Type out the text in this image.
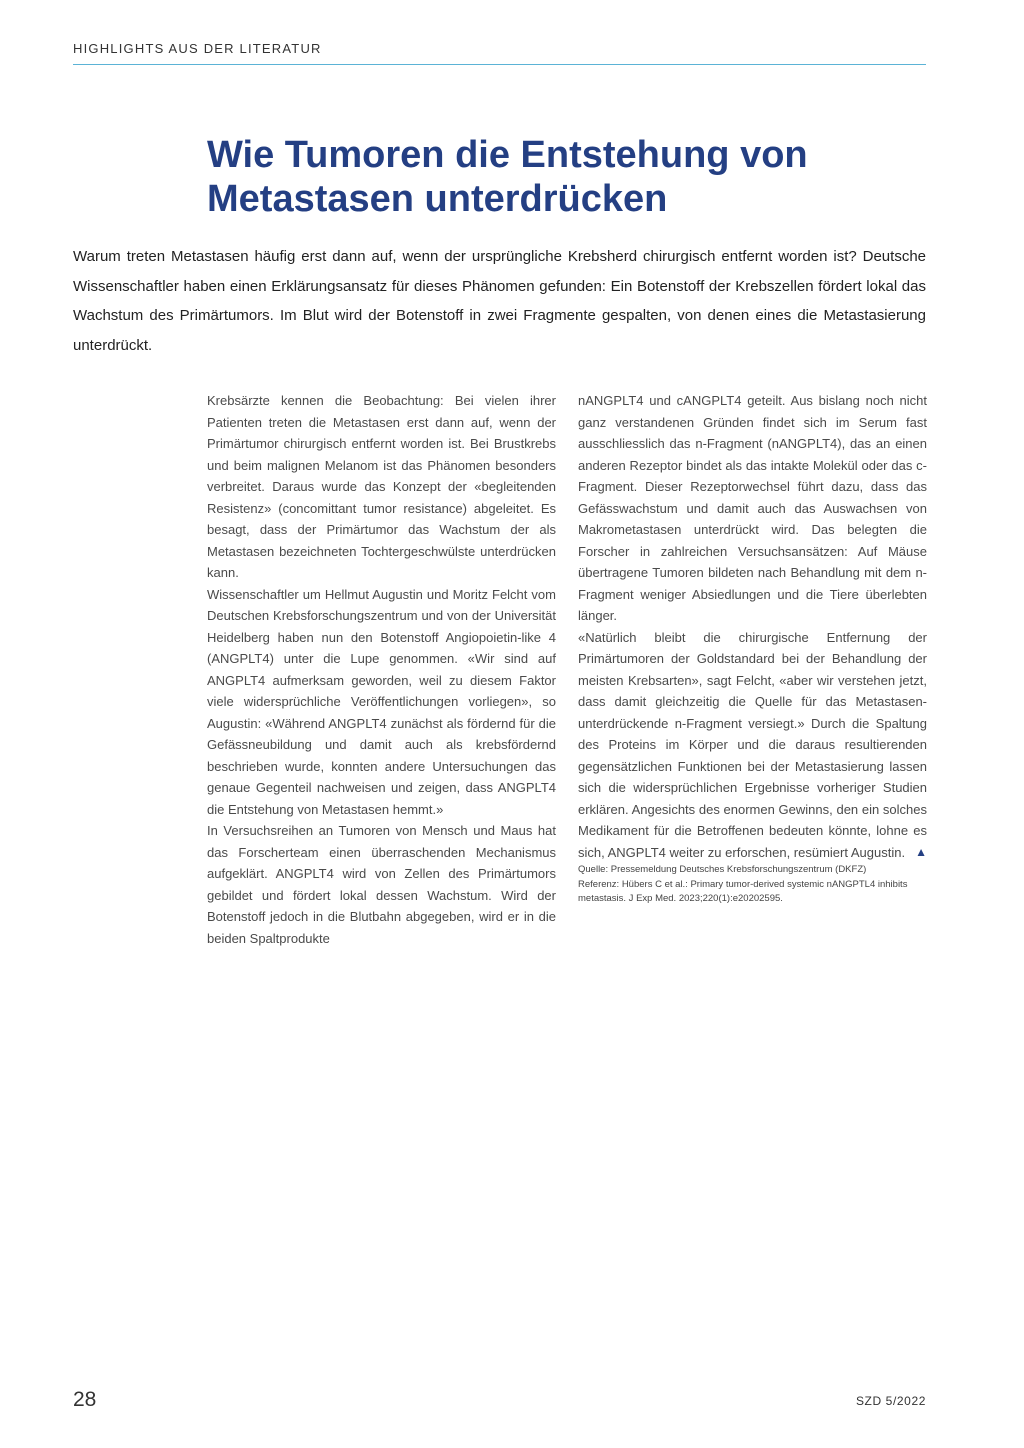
HIGHLIGHTS AUS DER LITERATUR
Wie Tumoren die Entstehung von Metastasen unterdrücken

Warum treten Metastasen häufig erst dann auf, wenn der ursprüngliche Krebsherd chirurgisch entfernt worden ist? Deutsche Wissenschaftler haben einen Erklärungsansatz für dieses Phänomen gefunden: Ein Botenstoff der Krebszellen fördert lokal das Wachstum des Primärtumors. Im Blut wird der Botenstoff in zwei Fragmente gespalten, von denen eines die Metastasierung unterdrückt.

Krebsärzte kennen die Beobachtung: Bei vielen ihrer Patienten treten die Metastasen erst dann auf, wenn der Primärtumor chirurgisch entfernt worden ist. Bei Brustkrebs und beim malignen Melanom ist das Phänomen besonders verbreitet. Daraus wurde das Konzept der «begleitenden Resistenz» (concomittant tumor resistance) abgeleitet. Es besagt, dass der Primärtumor das Wachstum der als Metastasen bezeichneten Tochtergeschwülste unterdrücken kann.

Wissenschaftler um Hellmut Augustin und Moritz Felcht vom Deutschen Krebsforschungszentrum und von der Universität Heidelberg haben nun den Botenstoff Angiopoietin-like 4 (ANGPLT4) unter die Lupe genommen. «Wir sind auf ANGPLT4 aufmerksam geworden, weil zu diesem Faktor viele widersprüchliche Veröffentlichungen vorliegen», so Augustin: «Während ANGPLT4 zunächst als fördernd für die Gefässneubildung und damit auch als krebsfördernd beschrieben wurde, konnten andere Untersuchungen das genaue Gegenteil nachweisen und zeigen, dass ANGPLT4 die Entstehung von Metastasen hemmt.»

In Versuchsreihen an Tumoren von Mensch und Maus hat das Forscherteam einen überraschenden Mechanismus aufgeklärt. ANGPLT4 wird von Zellen des Primärtumors gebildet und fördert lokal dessen Wachstum. Wird der Botenstoff jedoch in die Blutbahn abgegeben, wird er in die beiden Spaltprodukte

nANGPLT4 und cANGPLT4 geteilt. Aus bislang noch nicht ganz verstandenen Gründen findet sich im Serum fast ausschliesslich das n-Fragment (nANGPLT4), das an einen anderen Rezeptor bindet als das intakte Molekül oder das c-Fragment. Dieser Rezeptorwechsel führt dazu, dass das Gefässwachstum und damit auch das Auswachsen von Makrometastasen unterdrückt wird. Das belegten die Forscher in zahlreichen Versuchsansätzen: Auf Mäuse übertragene Tumoren bildeten nach Behandlung mit dem n-Fragment weniger Absiedlungen und die Tiere überlebten länger.

«Natürlich bleibt die chirurgische Entfernung der Primärtumoren der Goldstandard bei der Behandlung der meisten Krebsarten», sagt Felcht, «aber wir verstehen jetzt, dass damit gleichzeitig die Quelle für das Metastasen-unterdrückende n-Fragment versiegt.» Durch die Spaltung des Proteins im Körper und die daraus resultierenden gegensätzlichen Funktionen bei der Metastasierung lassen sich die widersprüchlichen Ergebnisse vorheriger Studien erklären. Angesichts des enormen Gewinns, den ein solches Medikament für die Betroffenen bedeuten könnte, lohne es sich, ANGPLT4 weiter zu erforschen, resümiert Augustin. ▲

Quelle: Pressemeldung Deutsches Krebsforschungszentrum (DKFZ)

Referenz: Hübers C et al.: Primary tumor-derived systemic nANGPTL4 inhibits metastasis. J Exp Med. 2023;220(1):e20202595.

28	SZD 5/2022
